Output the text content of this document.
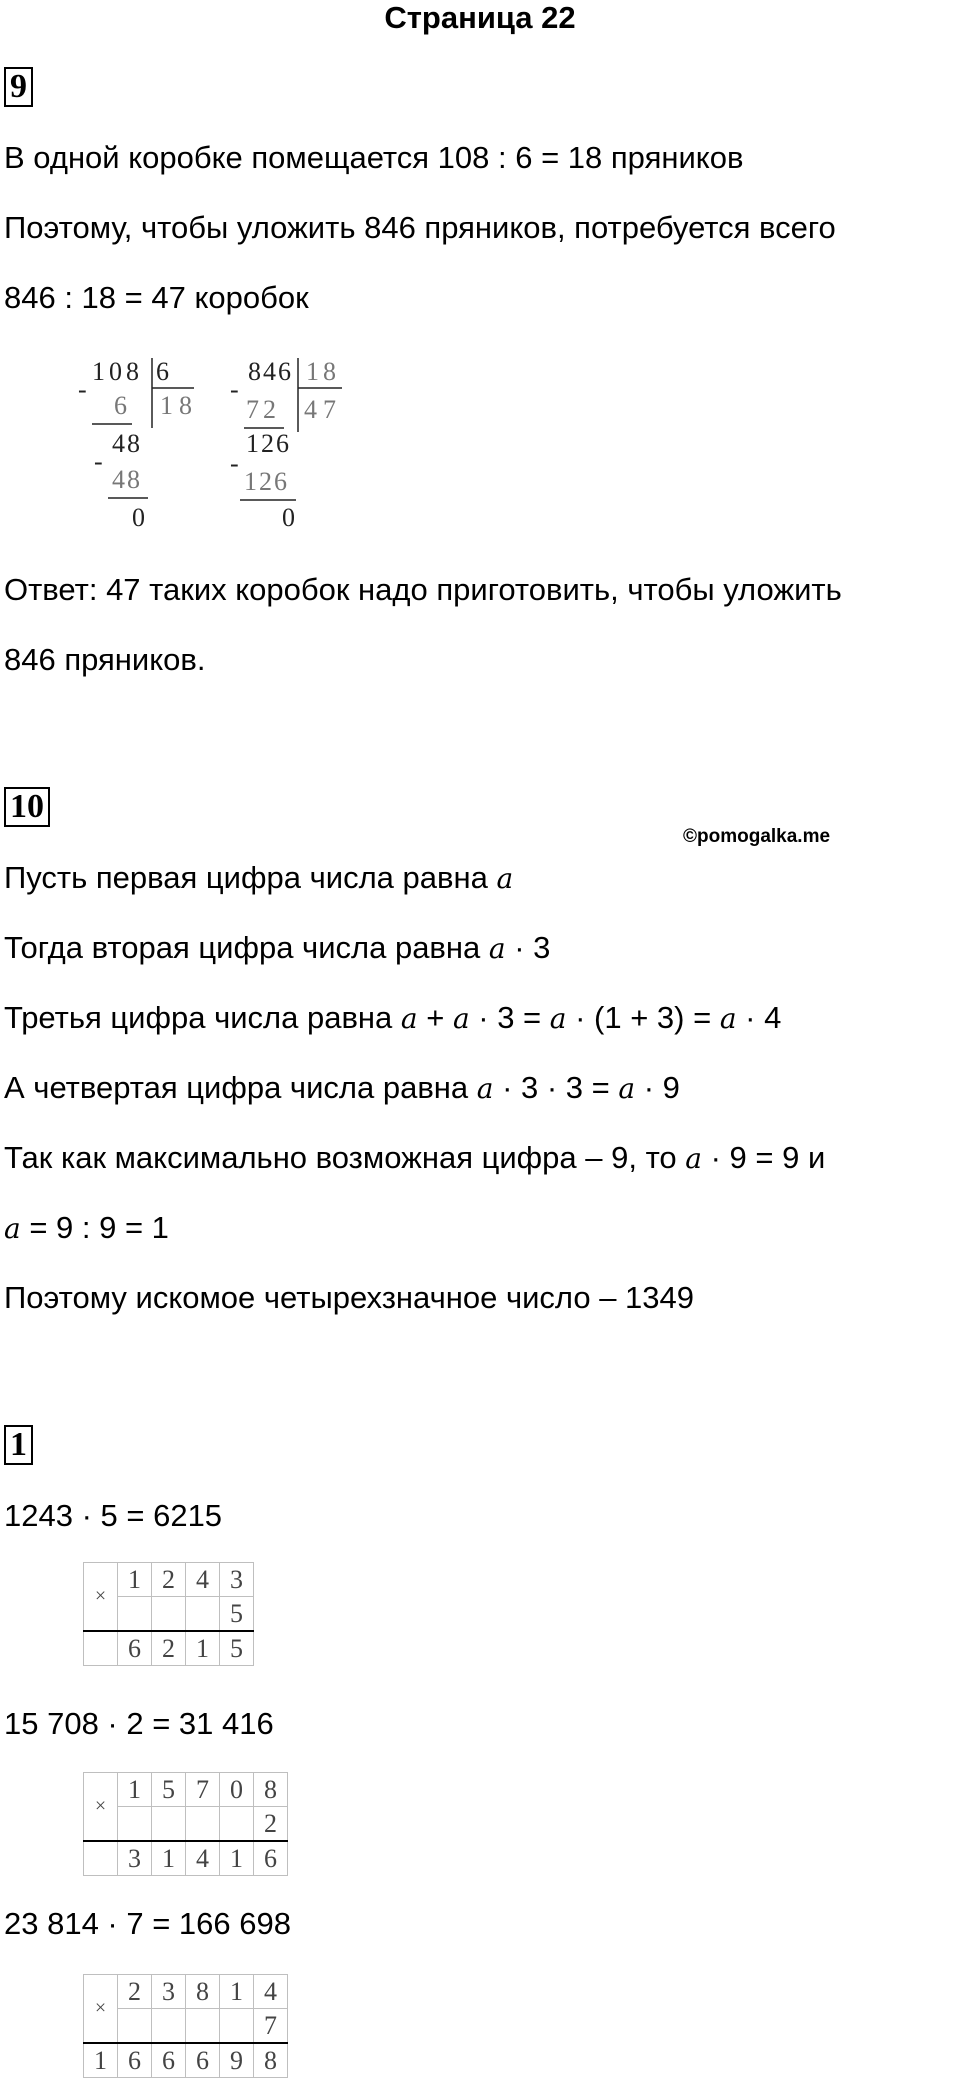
Страница 22
9
В одной коробке помещается 108 : 6 = 18 пряников
Поэтому, чтобы уложить 846 пряников, потребуется всего
846 : 18 = 47 коробок
108 6
18
-
6
48
-
48
0
846 18
47
-
72
126
-
126
0
Ответ: 47 таких коробок надо приготовить, чтобы уложить
846 пряников.
10
©pomogalka.me
Пусть первая цифра числа равна a
Тогда вторая цифра числа равна a · 3
Третья цифра числа равна a + a · 3 = a · (1 + 3) = a · 4
А четвертая цифра числа равна a · 3 · 3 = a · 9
Так как максимально возможная цифра – 9, то a · 9 = 9 и
a = 9 : 9 = 1
Поэтому искомое четырехзначное число – 1349
1
1243 · 5 = 6215
×	1	2	4	3
				5
	6	2	1	5
15 708 · 2 = 31 416
×	1	5	7	0	8
					2
	3	1	4	1	6
23 814 · 7 = 166 698
×	2	3	8	1	4
					7
1	6	6	6	9	8
